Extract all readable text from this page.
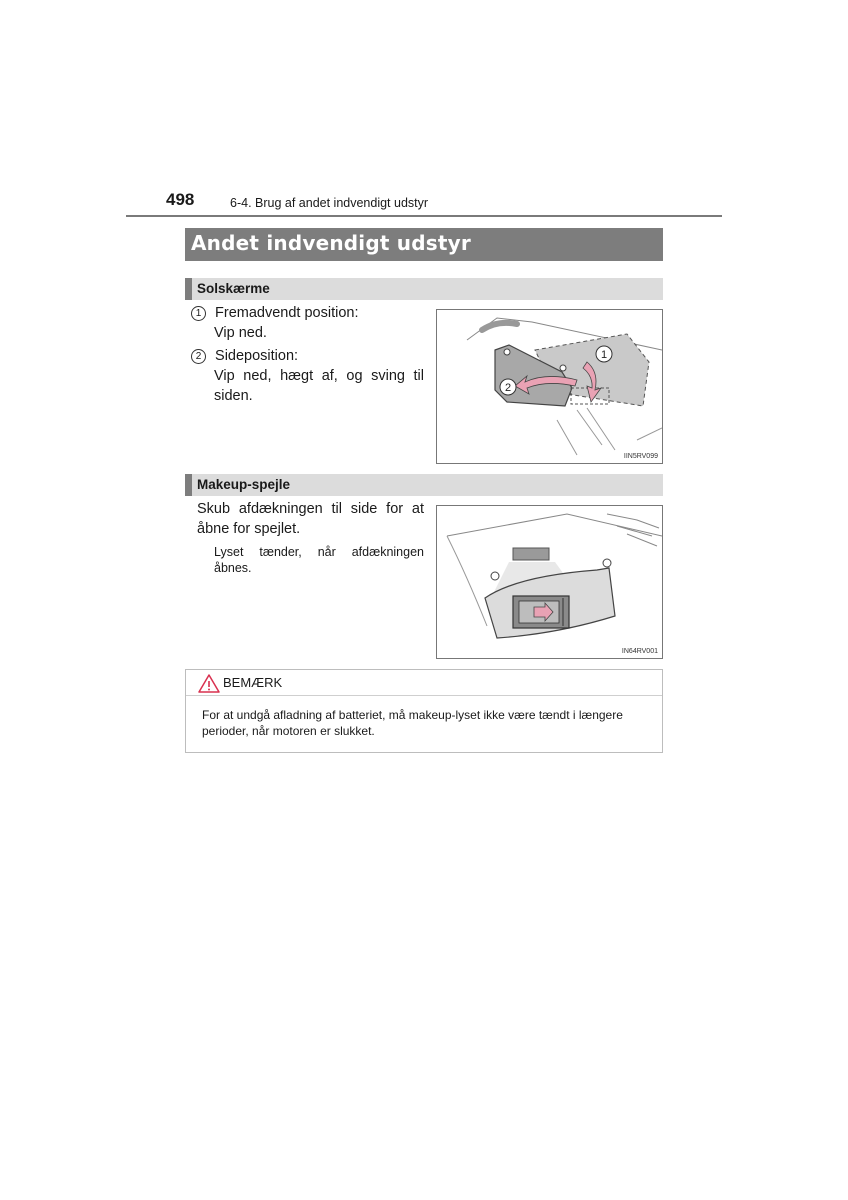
498	6-4. Brug af andet indvendigt udstyr
Andet indvendigt udstyr
Solskærme
1 Fremadvendt position:
Vip ned.
2 Sideposition:
Vip ned, hægt af, og sving til
siden.
1
2
IIN5RV099
Makeup-spejle
Skub afdækningen til side for at
åbne for spejlet.
Lyset tænder, når afdækningen
åbnes.
IN64RV001
BEMÆRK
For at undgå afladning af batteriet, må makeup-lyset ikke være tændt i længere perioder, når motoren er slukket.
